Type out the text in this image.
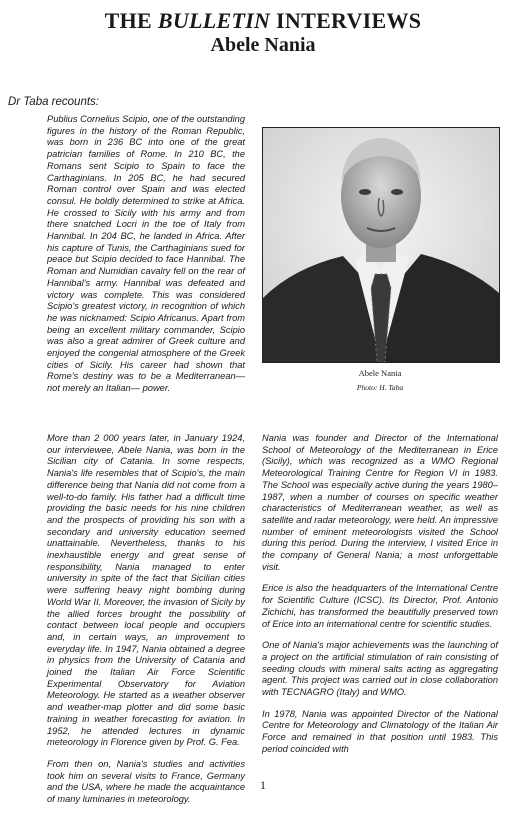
THE BULLETIN INTERVIEWS
Abele Nania
Dr Taba recounts:

Publius Cornelius Scipio, one of the outstanding figures in the history of the Roman Republic, was born in 236 BC into one of the great patrician families of Rome. In 210 BC, the Romans sent Scipio to Spain to face the Carthaginians. In 205 BC, he had secured Roman control over Spain and was elected consul. He boldly determined to strike at Africa. He crossed to Sicily with his army and from there snatched Locri in the toe of Italy from Hannibal. In 204 BC, he landed in Africa. After his capture of Tunis, the Carthaginians sued for peace but Scipio decided to face Hannibal. The Roman and Numidian cavalry fell on the rear of Hannibal's army. Hannibal was defeated and victory was complete. This was considered Scipio's greatest victory, in recognition of which he was nicknamed: Scipio Africanus. Apart from being an excellent military commander, Scipio was also a great admirer of Greek culture and enjoyed the congenial atmosphere of the Greek cities of Sicily. His career had shown that Rome's destiny was to be a Mediterranean—not merely an Italian— power.

Abele Nania
Photo: H. Taba

More than 2 000 years later, in January 1924, our interviewee, Abele Nania, was born in the Sicilian city of Catania. In some respects, Nania's life resembles that of Scipio's, the main difference being that Nania did not come from a well-to-do family. His father had a difficult time providing the basic needs for his nine children and the prospects of providing his son with a secondary and university education seemed unattainable. Nevertheless, thanks to his inexhaustible energy and great sense of responsibility, Nania managed to enter university in spite of the fact that Sicilian cities were suffering heavy night bombing during World War II. Moreover, the invasion of Sicily by the allied forces brought the possibility of contact between local people and occupiers and, in certain ways, an improvement to everyday life. In 1947, Nania obtained a degree in physics from the University of Catania and joined the Italian Air Force Scientific Experimental Observatory for Aviation Meteorology. He started as a weather observer and weather-map plotter and did some basic training in weather forecasting for aviation. In 1952, he attended lectures in dynamic meteorology in Florence given by Prof. G. Fea.

From then on, Nania's studies and activities took him on several visits to France, Germany and the USA, where he made the acquaintance of many luminaries in meteorology.

Nania was founder and Director of the International School of Meteorology of the Mediterranean in Erice (Sicily), which was recognized as a WMO Regional Meteorological Training Centre for Region VI in 1983. The School was especially active during the years 1980–1987, when a number of courses on specific weather characteristics of Mediterranean weather, as well as satellite and radar meteorology, were held. An impressive number of eminent meteorologists visited the School during this period. During the interview, I visited Erice in the company of General Nania; a most unforgettable visit.

Erice is also the headquarters of the International Centre for Scientific Culture (ICSC). Its Director, Prof. Antonio Zichichi, has transformed the beautifully preserved town of Erice into an international centre for scientific studies.

One of Nania's major achievements was the launching of a project on the artificial stimulation of rain consisting of seeding clouds with mineral salts acting as aggregating agent. This project was carried out in close collaboration with TECNAGRO (Italy) and WMO.

In 1978, Nania was appointed Director of the National Centre for Meteorology and Climatology of the Italian Air Force and remained in that position until 1983. This period coincided with

1
